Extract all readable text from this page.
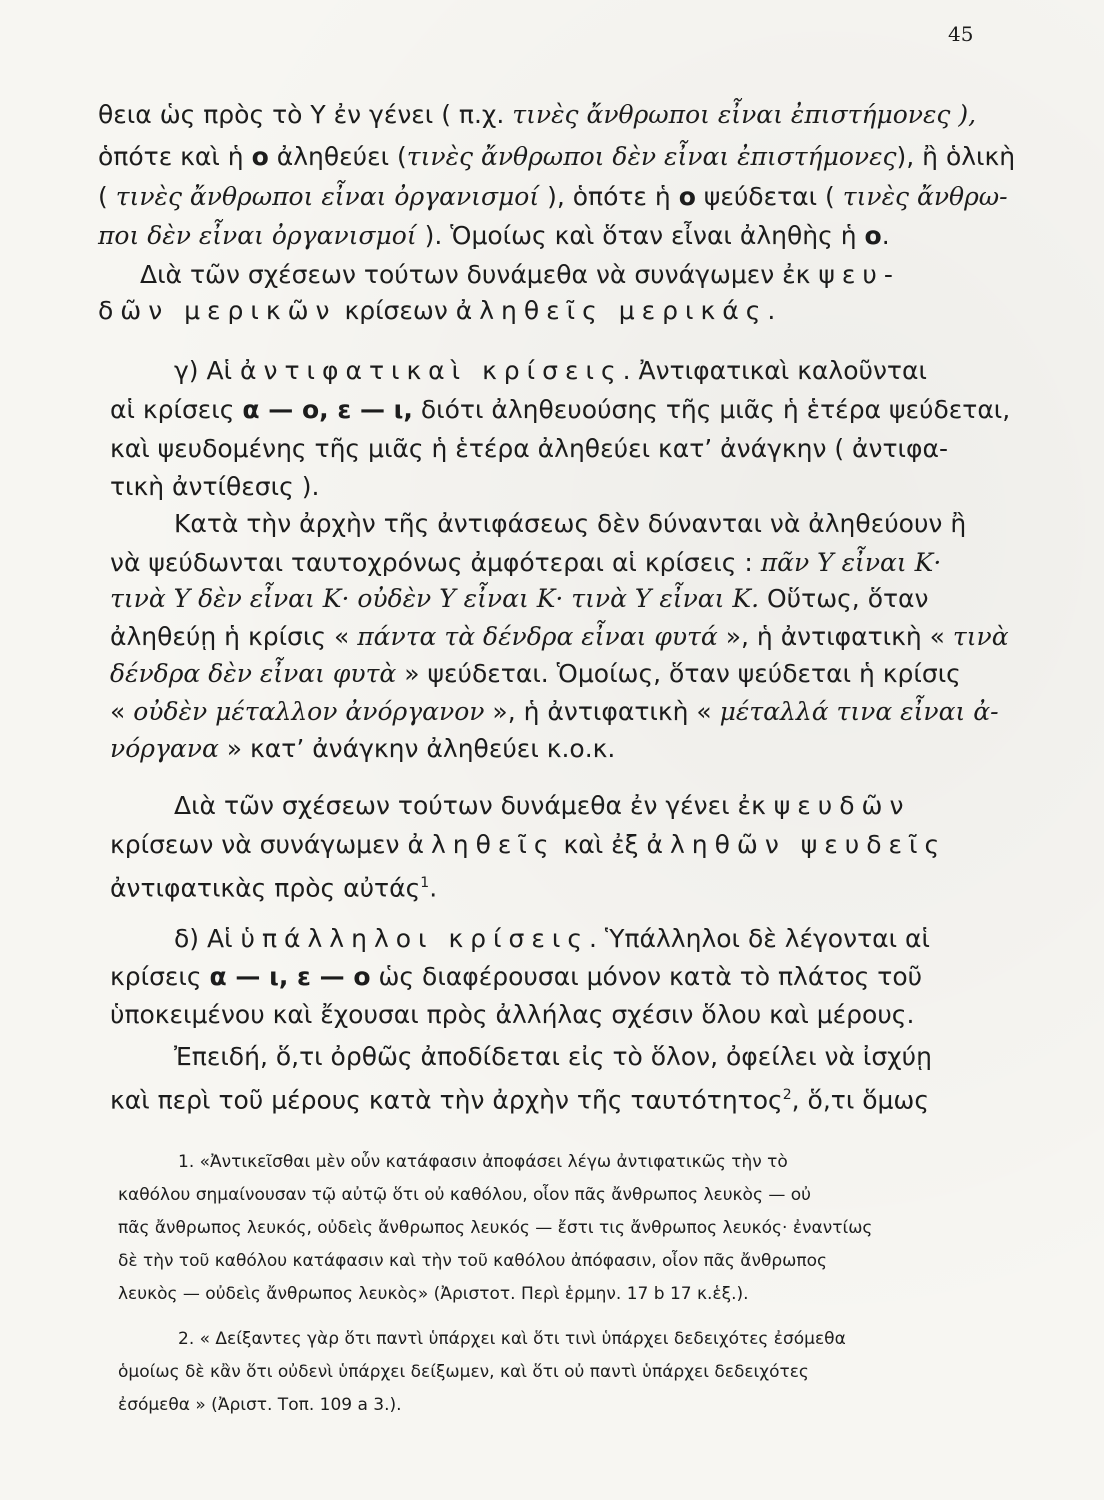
45
θεια ὡς πρὸς τὸ Υ ἐν γένει ( π.χ. τινὲς ἄνθρωποι εἶναι ἐπιστήμονες ),
ὁπότε καὶ ἡ ο ἀληθεύει (τινὲς ἄνθρωποι δὲν εἶναι ἐπιστήμονες), ἢ ὁλικὴ
( τινὲς ἄνθρωποι εἶναι ὀργανισμοί ), ὁπότε ἡ ο ψεύδεται ( τινὲς ἄνθρω-
ποι δὲν εἶναι ὀργανισμοί ). Ὁμοίως καὶ ὅταν εἶναι ἀληθὴς ἡ ο.
Διὰ τῶν σχέσεων τούτων δυνάμεθα νὰ συνάγωμεν ἐκ ψευ-
δῶν μερικῶν κρίσεων ἀληθεῖς μερικάς.
γ) Αἱ ἀντιφατικαὶ κρίσεις. Ἀντιφατικαὶ καλοῦνται
αἱ κρίσεις α — ο, ε — ι, διότι ἀληθευούσης τῆς μιᾶς ἡ ἑτέρα ψεύδεται,
καὶ ψευδομένης τῆς μιᾶς ἡ ἑτέρα ἀληθεύει κατ’ ἀνάγκην ( ἀντιφα-
τικὴ ἀντίθεσις ).
Κατὰ τὴν ἀρχὴν τῆς ἀντιφάσεως δὲν δύνανται νὰ ἀληθεύουν ἢ
νὰ ψεύδωνται ταυτοχρόνως ἀμφότεραι αἱ κρίσεις : πᾶν Υ εἶναι Κ·
τινὰ Υ δὲν εἶναι Κ· οὐδὲν Υ εἶναι Κ· τινὰ Υ εἶναι Κ. Οὕτως, ὅταν
ἀληθεύῃ ἡ κρίσις « πάντα τὰ δένδρα εἶναι φυτά », ἡ ἀντιφατικὴ « τινὰ
δένδρα δὲν εἶναι φυτὰ » ψεύδεται. Ὁμοίως, ὅταν ψεύδεται ἡ κρίσις
« οὐδὲν μέταλλον ἀνόργανον », ἡ ἀντιφατικὴ « μέταλλά τινα εἶναι ἀ-
νόργανα » κατ’ ἀνάγκην ἀληθεύει κ.ο.κ.
Διὰ τῶν σχέσεων τούτων δυνάμεθα ἐν γένει ἐκ ψευδῶν
κρίσεων νὰ συνάγωμεν ἀληθεῖς καὶ ἐξ ἀληθῶν ψευδεῖς
ἀντιφατικὰς πρὸς αὐτάς$^1$.
δ) Αἱ ὑπάλληλοι κρίσεις. Ὑπάλληλοι δὲ λέγονται αἱ
κρίσεις α — ι, ε — ο ὡς διαφέρουσαι μόνον κατὰ τὸ πλάτος τοῦ
ὑποκειμένου καὶ ἔχουσαι πρὸς ἀλλήλας σχέσιν ὅλου καὶ μέρους.
Ἐπειδή, ὅ,τι ὀρθῶς ἀποδίδεται εἰς τὸ ὅλον, ὀφείλει νὰ ἰσχύῃ
καὶ περὶ τοῦ μέρους κατὰ τὴν ἀρχὴν τῆς ταυτότητος$^2$, ὅ,τι ὅμως
1. «Ἀντικεῖσθαι μὲν οὖν κατάφασιν ἀποφάσει λέγω ἀντιφατικῶς τὴν τὸ
καθόλου σημαίνουσαν τῷ αὐτῷ ὅτι οὐ καθόλου, οἷον πᾶς ἄνθρωπος λευκὸς — οὐ
πᾶς ἄνθρωπος λευκός, οὐδεὶς ἄνθρωπος λευκός — ἔστι τις ἄνθρωπος λευκός· ἐναντίως
δὲ τὴν τοῦ καθόλου κατάφασιν καὶ τὴν τοῦ καθόλου ἀπόφασιν, οἷον πᾶς ἄνθρωπος
λευκὸς — οὐδεὶς ἄνθρωπος λευκὸς» (Ἀριστοτ. Περὶ ἑρμην. 17 b 17 κ.ἑξ.).
2. « Δείξαντες γὰρ ὅτι παντὶ ὑπάρχει καὶ ὅτι τινὶ ὑπάρχει δεδειχότες ἐσόμεθα
ὁμοίως δὲ κἂν ὅτι οὐδενὶ ὑπάρχει δείξωμεν, καὶ ὅτι οὐ παντὶ ὑπάρχει δεδειχότες
ἐσόμεθα » (Ἀριστ. Τοπ. 109 a 3.).
